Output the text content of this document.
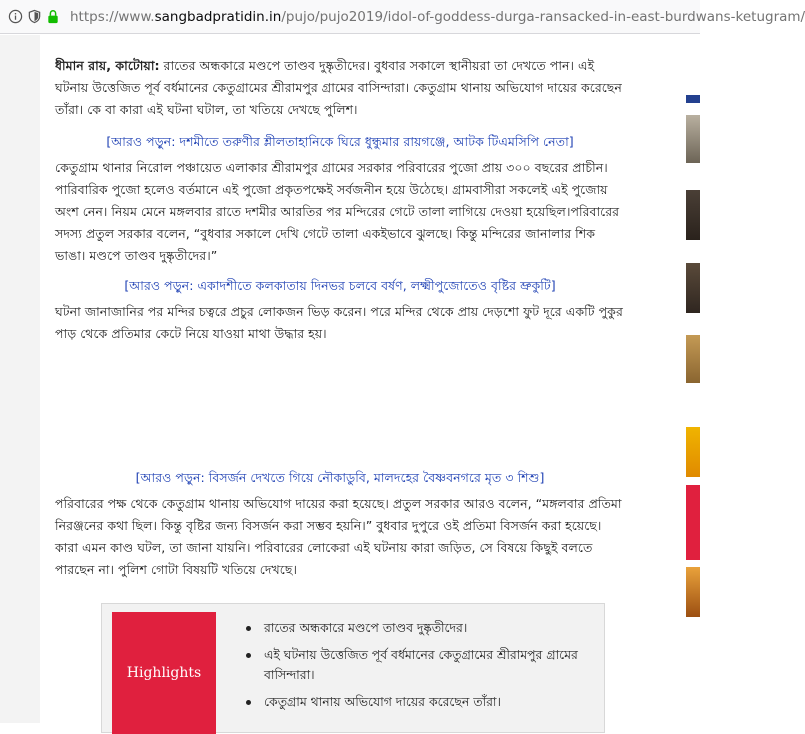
https://www.sangbadpratidin.in/pujo/pujo2019/idol-of-goddess-durga-ransacked-in-east-burdwans-ketugram/

ধীমান রায়, কাটোয়া: রাতের অন্ধকারে মণ্ডপে তাণ্ডব দুষ্কৃতীদের। বুধবার সকালে স্থানীয়রা তা দেখতে পান। এই ঘটনায় উত্তেজিত পূর্ব বর্ধমানের কেতুগ্রামের শ্রীরামপুর গ্রামের বাসিন্দারা। কেতুগ্রাম থানায় অভিযোগ দায়ের করেছেন তাঁরা। কে বা কারা এই ঘটনা ঘটাল, তা খতিয়ে দেখছে পুলিশ।

[আরও পড়ুন: দশমীতে তরুণীর শ্লীলতাহানিকে ঘিরে ধুন্ধুমার রায়গঞ্জে, আটক টিএমসিপি নেতা]

কেতুগ্রাম থানার নিরোল পঞ্চায়েত এলাকার শ্রীরামপুর গ্রামের সরকার পরিবারের পুজো প্রায় ৩০০ বছরের প্রাচীন। পারিবারিক পুজো হলেও বর্তমানে এই পুজো প্রকৃতপক্ষেই সর্বজনীন হয়ে উঠেছে। গ্রামবাসীরা সকলেই এই পুজোয় অংশ নেন। নিয়ম মেনে মঙ্গলবার রাতে দশমীর আরতির পর মন্দিরের গেটে তালা লাগিয়ে দেওয়া হয়েছিল।পরিবারের সদস্য প্রতুল সরকার বলেন, “বুধবার সকালে দেখি গেটে তালা একইভাবে ঝুলছে। কিন্তু মন্দিরের জানালার শিক ভাঙা। মণ্ডপে তাণ্ডব দুষ্কৃতীদের।”

[আরও পড়ুন: একাদশীতে কলকাতায় দিনভর চলবে বর্ষণ, লক্ষ্মীপুজোতেও বৃষ্টির ভ্রুকুটি]

ঘটনা জানাজানির পর মন্দির চত্বরে প্রচুর লোকজন ভিড় করেন। পরে মন্দির থেকে প্রায় দেড়শো ফুট দূরে একটি পুকুর পাড় থেকে প্রতিমার কেটে নিয়ে যাওয়া মাথা উদ্ধার হয়।

[আরও পড়ুন: বিসর্জন দেখতে গিয়ে নৌকাডুবি, মালদহের বৈষ্ণবনগরে মৃত ৩ শিশু]

পরিবারের পক্ষ থেকে কেতুগ্রাম থানায় অভিযোগ দায়ের করা হয়েছে। প্রতুল সরকার আরও বলেন, “মঙ্গলবার প্রতিমা নিরঞ্জনের কথা ছিল। কিন্তু বৃষ্টির জন্য বিসর্জন করা সম্ভব হয়নি।” বুধবার দুপুরে ওই প্রতিমা বিসর্জন করা হয়েছে। কারা এমন কাণ্ড ঘটল, তা জানা যায়নি। পরিবারের লোকেরা এই ঘটনায় কারা জড়িত, সে বিষয়ে কিছুই বলতে পারছেন না। পুলিশ গোটা বিষয়টি খতিয়ে দেখছে।

Highlights
রাতের অন্ধকারে মণ্ডপে তাণ্ডব দুষ্কৃতীদের।
এই ঘটনায় উত্তেজিত পূর্ব বর্ধমানের কেতুগ্রামের শ্রীরামপুর গ্রামের বাসিন্দারা।
কেতুগ্রাম থানায় অভিযোগ দায়ের করেছেন তাঁরা।
